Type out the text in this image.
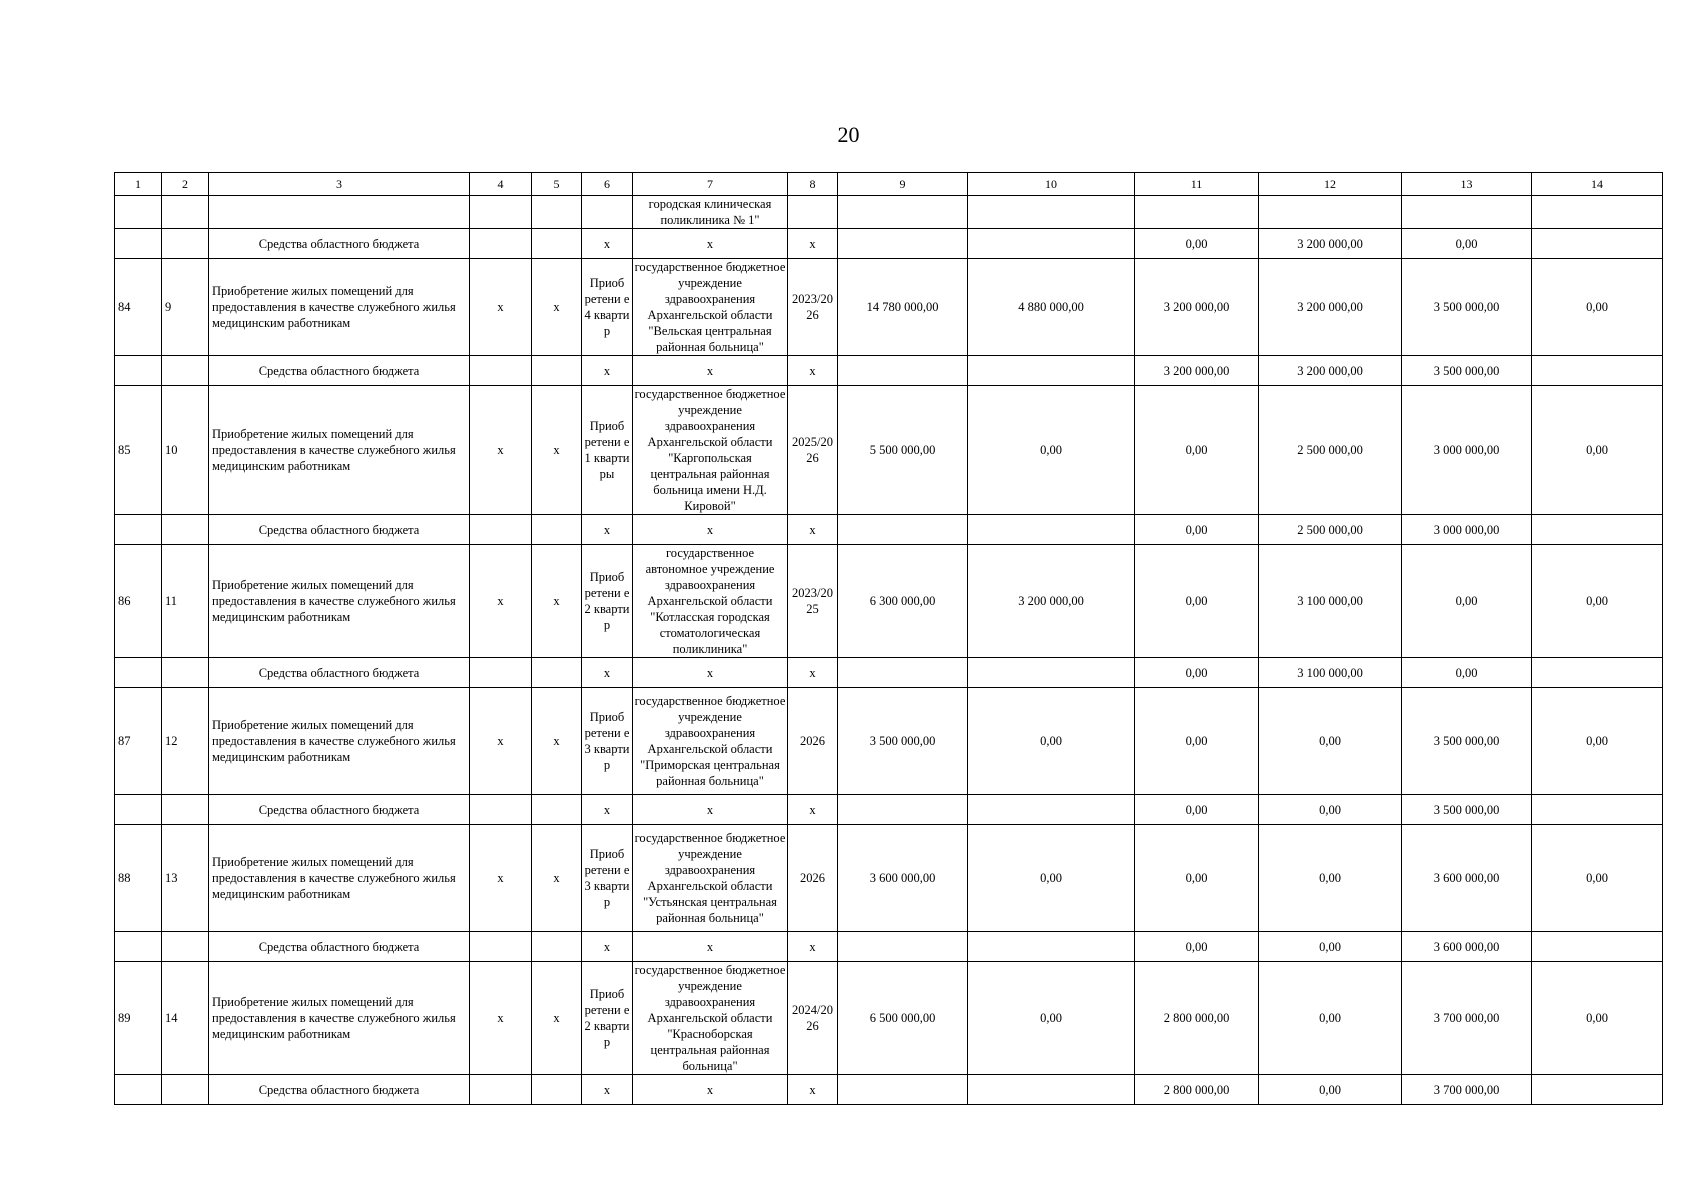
20
1	2	3	4	5	6	7	8	9	10	11	12	13	14
						городская клиническая поликлиника № 1"							
		Средства областного бюджета			х	х	х			0,00	3 200 000,00	0,00	
84	9	Приобретение жилых помещений для предоставления в качестве служебного жилья медицинским работникам	х	х	Приоб ретени е 4 кварти р	государственное бюджетное учреждение здравоохранения Архангельской области "Вельская центральная районная больница"	2023/20 26	14 780 000,00	4 880 000,00	3 200 000,00	3 200 000,00	3 500 000,00	0,00
		Средства областного бюджета			х	х	х			3 200 000,00	3 200 000,00	3 500 000,00	
85	10	Приобретение жилых помещений для предоставления в качестве служебного жилья медицинским работникам	х	х	Приоб ретени е 1 кварти ры	государственное бюджетное учреждение здравоохранения Архангельской области "Каргопольская центральная районная больница имени Н.Д. Кировой"	2025/20 26	5 500 000,00	0,00	0,00	2 500 000,00	3 000 000,00	0,00
		Средства областного бюджета			х	х	х			0,00	2 500 000,00	3 000 000,00	
86	11	Приобретение жилых помещений для предоставления в качестве служебного жилья медицинским работникам	х	х	Приоб ретени е 2 кварти р	государственное автономное учреждение здравоохранения Архангельской области "Котласская городская стоматологическая поликлиника"	2023/20 25	6 300 000,00	3 200 000,00	0,00	3 100 000,00	0,00	0,00
		Средства областного бюджета			х	х	х			0,00	3 100 000,00	0,00	
87	12	Приобретение жилых помещений для предоставления в качестве служебного жилья медицинским работникам	х	х	Приоб ретени е 3 кварти р	государственное бюджетное учреждение здравоохранения Архангельской области "Приморская центральная районная больница"	2026	3 500 000,00	0,00	0,00	0,00	3 500 000,00	0,00
		Средства областного бюджета			х	х	х			0,00	0,00	3 500 000,00	
88	13	Приобретение жилых помещений для предоставления в качестве служебного жилья медицинским работникам	х	х	Приоб ретени е 3 кварти р	государственное бюджетное учреждение здравоохранения Архангельской области "Устьянская центральная районная больница"	2026	3 600 000,00	0,00	0,00	0,00	3 600 000,00	0,00
		Средства областного бюджета			х	х	х			0,00	0,00	3 600 000,00	
89	14	Приобретение жилых помещений для предоставления в качестве служебного жилья медицинским работникам	х	х	Приоб ретени е 2 кварти р	государственное бюджетное учреждение здравоохранения Архангельской области "Красноборская центральная районная больница"	2024/20 26	6 500 000,00	0,00	2 800 000,00	0,00	3 700 000,00	0,00
		Средства областного бюджета			х	х	х			2 800 000,00	0,00	3 700 000,00	
